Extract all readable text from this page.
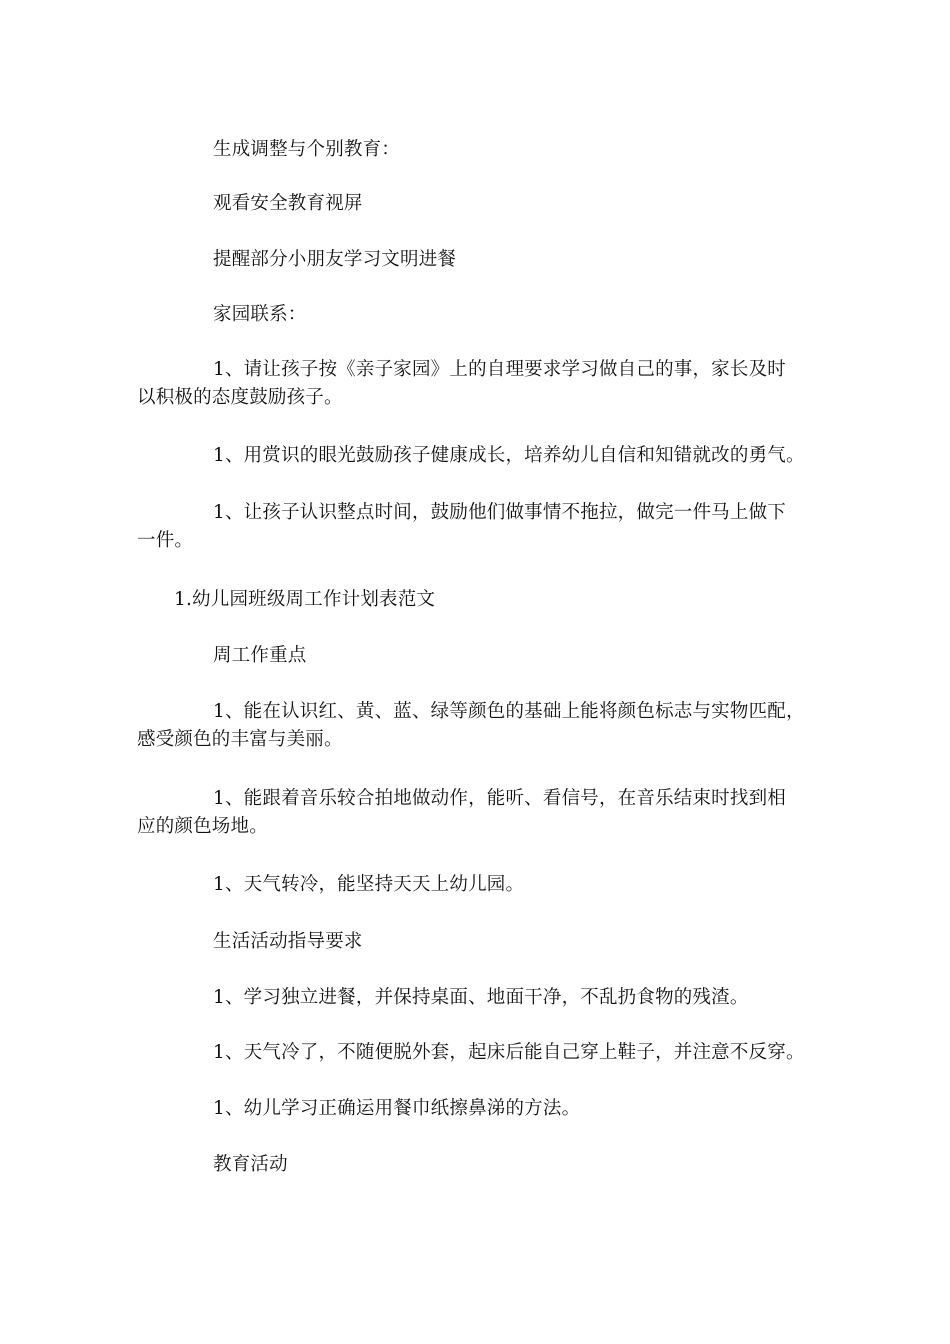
生成调整与个别教育：
观看安全教育视屏
提醒部分小朋友学习文明进餐
家园联系：
1、请让孩子按《亲子家园》上的自理要求学习做自己的事，家长及时
以积极的态度鼓励孩子。
1、用赏识的眼光鼓励孩子健康成长，培养幼儿自信和知错就改的勇气。
1、让孩子认识整点时间，鼓励他们做事情不拖拉，做完一件马上做下
一件。
1.幼儿园班级周工作计划表范文
周工作重点
1、能在认识红、黄、蓝、绿等颜色的基础上能将颜色标志与实物匹配，
感受颜色的丰富与美丽。
1、能跟着音乐较合拍地做动作，能听、看信号，在音乐结束时找到相
应的颜色场地。
1、天气转冷，能坚持天天上幼儿园。
生活活动指导要求
1、学习独立进餐，并保持桌面、地面干净，不乱扔食物的残渣。
1、天气冷了，不随便脱外套，起床后能自己穿上鞋子，并注意不反穿。
1、幼儿学习正确运用餐巾纸擦鼻涕的方法。
教育活动
